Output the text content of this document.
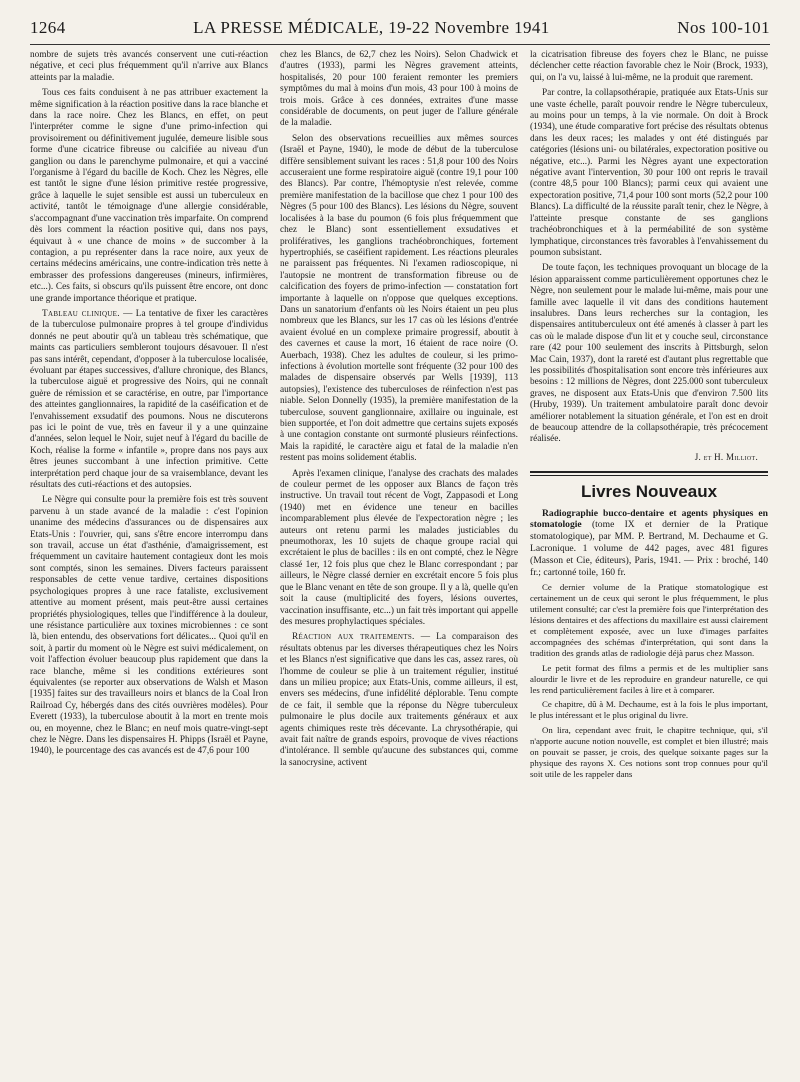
1264	LA PRESSE MÉDICALE, 19-22 Novembre 1941	Nos 100-101

nombre de sujets très avancés conservent une cuti-réaction négative, et ceci plus fréquemment qu'il n'arrive aux Blancs atteints par la maladie.

Tous ces faits conduisent à ne pas attribuer exactement la même signification à la réaction positive dans la race blanche et dans la race noire. Chez les Blancs, en effet, on peut l'interpréter comme le signe d'une primo-infection qui provisoirement ou définitivement jugulée, demeure lisible sous forme d'une cicatrice fibreuse ou calcifiée au niveau d'un ganglion ou dans le parenchyme pulmonaire, et qui a vacciné l'organisme à l'égard du bacille de Koch. Chez les Nègres, elle est tantôt le signe d'une lésion primitive restée progressive, grâce à laquelle le sujet sensible est aussi un tuberculeux en activité, tantôt le témoignage d'une allergie considérable, s'accompagnant d'une vaccination très imparfaite. On comprend dès lors comment la réaction positive qui, dans nos pays, équivaut à « une chance de moins » de succomber à la contagion, a pu représenter dans la race noire, aux yeux de certains médecins américains, une contre-indication très nette à embrasser des professions dangereuses (mineurs, infirmières, etc...). Ces faits, si obscurs qu'ils puissent être encore, ont donc une grande importance théorique et pratique.

Tableau clinique. — La tentative de fixer les caractères de la tuberculose pulmonaire propres à tel groupe d'individus donnés ne peut aboutir qu'à un tableau très schématique, que maints cas particuliers sembleront toujours désavouer. Il n'est pas sans intérêt, cependant, d'opposer à la tuberculose localisée, évoluant par étapes successives, d'allure chronique, des Blancs, la tuberculose aiguë et progressive des Noirs, qui ne connaît guère de rémission et se caractérise, en outre, par l'importance des atteintes ganglionnaires, la rapidité de la caséification et de l'envahissement exsudatif des poumons. Nous ne discuterons pas ici le point de vue, très en faveur il y a une quinzaine d'années, selon lequel le Noir, sujet neuf à l'égard du bacille de Koch, réalise la forme « infantile », propre dans nos pays aux êtres jeunes succombant à une infection primitive. Cette interprétation perd chaque jour de sa vraisemblance, devant les résultats des cuti-réactions et des autopsies.

Le Nègre qui consulte pour la première fois est très souvent parvenu à un stade avancé de la maladie : c'est l'opinion unanime des médecins d'assurances ou de dispensaires aux Etats-Unis : l'ouvrier, qui, sans s'être encore interrompu dans son travail, accuse un état d'asthénie, d'amaigrissement, est fréquemment un cavitaire hautement contagieux dont les mois sont comptés, sinon les semaines. Divers facteurs paraissent responsables de cette venue tardive, certaines dispositions psychologiques propres à une race fataliste, exclusivement attentive au moment présent, mais peut-être aussi certaines propriétés physiologiques, telles que l'indifférence à la douleur, une résistance particulière aux toxines microbiennes : ce sont là, bien entendu, des observations fort délicates... Quoi qu'il en soit, à partir du moment où le Nègre est suivi médicalement, on voit l'affection évoluer beaucoup plus rapidement que dans la race blanche, même si les conditions extérieures sont équivalentes (se reporter aux observations de Walsh et Mason [1935] faites sur des travailleurs noirs et blancs de la Coal Iron Railroad Cy, hébergés dans des cités ouvrières modèles). Pour Everett (1933), la tuberculose aboutit à la mort en trente mois ou, en moyenne, chez le Blanc; en neuf mois quatre-vingt-sept chez le Nègre. Dans les dispensaires H. Phipps (Israël et Payne, 1940), le pourcentage des cas avancés est de 47,6 pour 100

chez les Blancs, de 62,7 chez les Noirs). Selon Chadwick et d'autres (1933), parmi les Nègres gravement atteints, hospitalisés, 20 pour 100 feraient remonter les premiers symptômes du mal à moins d'un mois, 43 pour 100 à moins de trois mois. Grâce à ces données, extraites d'une masse considérable de documents, on peut juger de l'allure générale de la maladie.

Selon des observations recueillies aux mêmes sources (Israël et Payne, 1940), le mode de début de la tuberculose diffère sensiblement suivant les races : 51,8 pour 100 des Noirs accuseraient une forme respiratoire aiguë (contre 19,1 pour 100 des Blancs). Par contre, l'hémoptysie n'est relevée, comme première manifestation de la bacillose que chez 1 pour 100 des Nègres (5 pour 100 des Blancs). Les lésions du Nègre, souvent localisées à la base du poumon (6 fois plus fréquemment que chez le Blanc) sont essentiellement exsudatives et prolifératives, les ganglions trachéobronchiques, fortement hypertrophiés, se caséifient rapidement. Les réactions pleurales ne paraissent pas fréquentes. Ni l'examen radioscopique, ni l'autopsie ne montrent de transformation fibreuse ou de calcification des foyers de primo-infection — constatation fort importante à laquelle on n'oppose que quelques exceptions. Dans un sanatorium d'enfants où les Noirs étaient un peu plus nombreux que les Blancs, sur les 17 cas où les lésions d'entrée avaient évolué en un complexe primaire progressif, aboutit à des cavernes et cause la mort, 16 étaient de race noire (O. Auerbach, 1938). Chez les adultes de couleur, si les primo-infections à évolution mortelle sont fréquente (32 pour 100 des malades de dispensaire observés par Wells [1939], 113 autopsies), l'existence des tuberculoses de réinfection n'est pas niable. Selon Donnelly (1935), la première manifestation de la tuberculose, souvent ganglionnaire, axillaire ou inguinale, est bien supportée, et l'on doit admettre que certains sujets exposés à une contagion constante ont surmonté plusieurs réinfections. Mais la rapidité, le caractère aigu et fatal de la maladie n'en restent pas moins solidement établis.

Après l'examen clinique, l'analyse des crachats des malades de couleur permet de les opposer aux Blancs de façon très instructive. Un travail tout récent de Vogt, Zappasodi et Long (1940) met en évidence une teneur en bacilles incomparablement plus élevée de l'expectoration nègre ; les auteurs ont retenu parmi les malades justiciables du pneumothorax, les 10 sujets de chaque groupe racial qui excrétaient le plus de bacilles : ils en ont compté, chez le Nègre classé 1er, 12 fois plus que chez le Blanc correspondant ; par ailleurs, le Nègre classé dernier en excrétait encore 5 fois plus que le Blanc venant en tête de son groupe. Il y a là, quelle qu'en soit la cause (multiplicité des foyers, lésions ouvertes, vaccination insuffisante, etc...) un fait très important qui appelle des mesures prophylactiques spéciales.

Réaction aux traitements. — La comparaison des résultats obtenus par les diverses thérapeutiques chez les Noirs et les Blancs n'est significative que dans les cas, assez rares, où l'homme de couleur se plie à un traitement régulier, institué dans un milieu propice; aux Etats-Unis, comme ailleurs, il est, envers ses médecins, d'une infidélité déplorable. Tenu compte de ce fait, il semble que la réponse du Nègre tuberculeux pulmonaire le plus docile aux traitements généraux et aux agents chimiques reste très décevante. La chrysothérapie, qui avait fait naître de grands espoirs, provoque de vives réactions d'intolérance. Il semble qu'aucune des substances qui, comme la sanocrysine, activent

la cicatrisation fibreuse des foyers chez le Blanc, ne puisse déclencher cette réaction favorable chez le Noir (Brock, 1933), qui, on l'a vu, laissé à lui-même, ne la produit que rarement.

Par contre, la collapsothérapie, pratiquée aux Etats-Unis sur une vaste échelle, paraît pouvoir rendre le Nègre tuberculeux, au moins pour un temps, à la vie normale. On doit à Brock (1934), une étude comparative fort précise des résultats obtenus dans les deux races; les malades y ont été distingués par catégories (lésions uni- ou bilatérales, expectoration positive ou négative, etc...). Parmi les Nègres ayant une expectoration négative avant l'intervention, 30 pour 100 ont repris le travail (contre 48,5 pour 100 Blancs); parmi ceux qui avaient une expectoration positive, 71,4 pour 100 sont morts (52,2 pour 100 Blancs). La difficulté de la réussite paraît tenir, chez le Nègre, à l'atteinte presque constante de ses ganglions trachéobronchiques et à la perméabilité de son système lymphatique, circonstances très favorables à l'envahissement du poumon subsistant.

De toute façon, les techniques provoquant un blocage de la lésion apparaissent comme particulièrement opportunes chez le Nègre, non seulement pour le malade lui-même, mais pour une famille avec laquelle il vit dans des conditions hautement insalubres. Dans leurs recherches sur la contagion, les dispensaires antituberculeux ont été amenés à classer à part les cas où le malade dispose d'un lit et y couche seul, circonstance rare (42 pour 100 seulement des inscrits à Pittsburgh, selon Mac Cain, 1937), dont la rareté est d'autant plus regrettable que les possibilités d'hospitalisation sont encore très inférieures aux besoins : 12 millions de Nègres, dont 225.000 sont tuberculeux graves, ne disposent aux Etats-Unis que d'environ 7.500 lits (Hruby, 1939). Un traitement ambulatoire paraît donc devoir améliorer notablement la situation générale, et l'on est en droit de beaucoup attendre de la collapsothérapie, très précocement réalisée.

J. et H. Milliot.
Livres Nouveaux

Radiographie bucco-dentaire et agents physiques en stomatologie (tome IX et dernier de la Pratique stomatologique), par MM. P. Bertrand, M. Dechaume et G. Lacronique. 1 volume de 442 pages, avec 481 figures (Masson et Cie, éditeurs), Paris, 1941. — Prix : broché, 140 fr.; cartonné toile, 160 fr.

Ce dernier volume de la Pratique stomatologique est certainement un de ceux qui seront le plus fréquemment, le plus utilement consulté; car c'est la première fois que l'interprétation des lésions dentaires et des affections du maxillaire est aussi clairement et complètement exposée, avec un luxe d'images parfaites accompagnées des schémas d'interprétation, qui sont dans la tradition des grands atlas de radiologie déjà parus chez Masson.

Le petit format des films a permis et de les multiplier sans alourdir le livre et de les reproduire en grandeur naturelle, ce qui les rend particulièrement faciles à lire et à comparer.

Ce chapitre, dû à M. Dechaume, est à la fois le plus important, le plus intéressant et le plus original du livre.

On lira, cependant avec fruit, le chapitre technique, qui, s'il n'apporte aucune notion nouvelle, est complet et bien illustré; mais on pouvait se passer, je crois, des quelque soixante pages sur la physique des rayons X. Ces notions sont trop connues pour qu'il soit utile de les rappeler dans
